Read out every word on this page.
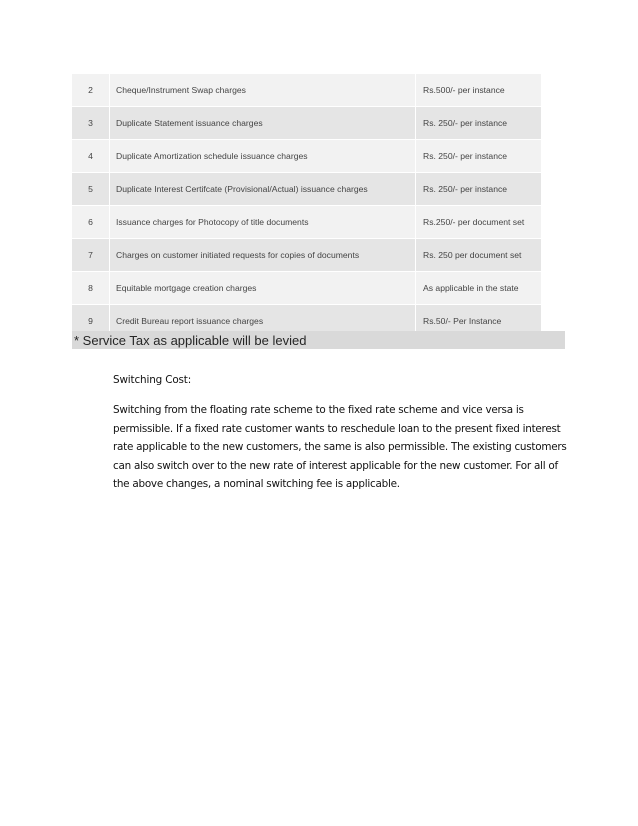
2	Cheque/Instrument Swap charges	Rs.500/- per instance
3	Duplicate Statement issuance charges	Rs. 250/- per instance
4	Duplicate Amortization schedule issuance charges	Rs. 250/- per instance
5	Duplicate Interest Certifcate (Provisional/Actual) issuance charges	Rs. 250/- per instance
6	Issuance charges for Photocopy of title documents	Rs.250/- per document set
7	Charges on customer initiated requests for copies of documents	Rs. 250 per document set
8	Equitable mortgage creation charges	As applicable in the state
9	Credit Bureau report issuance charges	Rs.50/- Per Instance
* Service Tax as applicable will be levied

Switching Cost:

Switching from the floating rate scheme to the fixed rate scheme and vice versa is permissible. If a fixed rate customer wants to reschedule loan to the present fixed interest rate applicable to the new customers, the same is also permissible. The existing customers can also switch over to the new rate of interest applicable for the new customer. For all of the above changes, a nominal switching fee is applicable.
